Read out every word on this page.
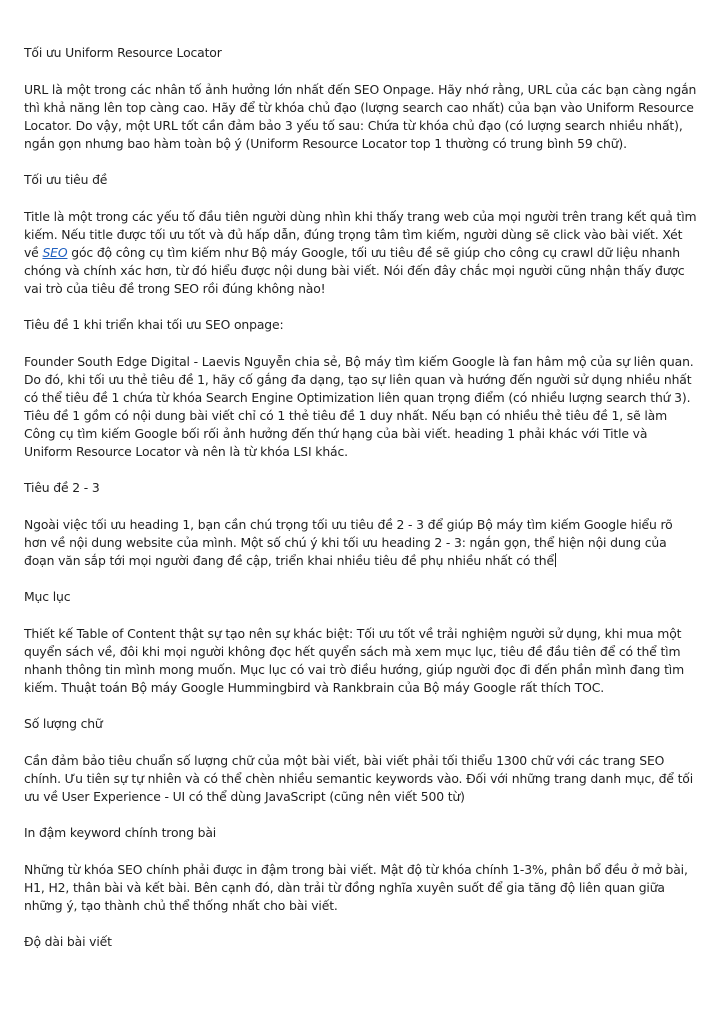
Tối ưu Uniform Resource Locator

URL là một trong các nhân tố ảnh hưởng lớn nhất đến SEO Onpage. Hãy nhớ rằng, URL của các bạn càng ngắn thì khả năng lên top càng cao. Hãy để từ khóa chủ đạo (lượng search cao nhất) của bạn vào Uniform Resource Locator. Do vậy, một URL tốt cần đảm bảo 3 yếu tố sau: Chứa từ khóa chủ đạo (có lượng search nhiều nhất), ngắn gọn nhưng bao hàm toàn bộ ý (Uniform Resource Locator top 1 thường có trung bình 59 chữ).

Tối ưu tiêu đề

Title là một trong các yếu tố đầu tiên người dùng nhìn khi thấy trang web của mọi người trên trang kết quả tìm kiếm. Nếu title được tối ưu tốt và đủ hấp dẫn, đúng trọng tâm tìm kiếm, người dùng sẽ click vào bài viết. Xét về SEO góc độ công cụ tìm kiếm như Bộ máy Google, tối ưu tiêu đề sẽ giúp cho công cụ crawl dữ liệu nhanh chóng và chính xác hơn, từ đó hiểu được nội dung bài viết. Nói đến đây chắc mọi người cũng nhận thấy được vai trò của tiêu đề trong SEO rồi đúng không nào!

Tiêu đề 1 khi triển khai tối ưu SEO onpage:

Founder South Edge Digital - Laevis Nguyễn chia sẻ, Bộ máy tìm kiếm Google là fan hâm mộ của sự liên quan. Do đó, khi tối ưu thẻ tiêu đề 1, hãy cố gắng đa dạng, tạo sự liên quan và hướng đến người sử dụng nhiều nhất có thể tiêu đề 1 chứa từ khóa Search Engine Optimization liên quan trọng điểm (có nhiều lượng search thứ 3). Tiêu đề 1 gồm có nội dung bài viết chỉ có 1 thẻ tiêu đề 1 duy nhất. Nếu bạn có nhiều thẻ tiêu đề 1, sẽ làm Công cụ tìm kiếm Google bối rối ảnh hưởng đến thứ hạng của bài viết. heading 1 phải khác với Title và Uniform Resource Locator và nên là từ khóa LSI khác.

Tiêu đề 2 - 3

Ngoài việc tối ưu heading 1, bạn cần chú trọng tối ưu tiêu đề 2 - 3 để giúp Bộ máy tìm kiếm Google hiểu rõ hơn về nội dung website của mình. Một số chú ý khi tối ưu heading 2 - 3: ngắn gọn, thể hiện nội dung của đoạn văn sắp tới mọi người đang đề cập, triển khai nhiều tiêu đề phụ nhiều nhất có thể

Mục lục

Thiết kế Table of Content thật sự tạo nên sự khác biệt: Tối ưu tốt về trải nghiệm người sử dụng, khi mua một quyển sách về, đôi khi mọi người không đọc hết quyển sách mà xem mục lục, tiêu đề đầu tiên để có thể tìm nhanh thông tin mình mong muốn. Mục lục có vai trò điều hướng, giúp người đọc đi đến phần mình đang tìm kiếm. Thuật toán Bộ máy Google Hummingbird và Rankbrain của Bộ máy Google rất thích TOC.

Số lượng chữ

Cần đảm bảo tiêu chuẩn số lượng chữ của một bài viết, bài viết phải tối thiểu 1300 chữ với các trang SEO chính. Ưu tiên sự tự nhiên và có thể chèn nhiều semantic keywords vào. Đối với những trang danh mục, để tối ưu về User Experience - UI có thể dùng JavaScript (cũng nên viết 500 từ)

In đậm keyword chính trong bài

Những từ khóa SEO chính phải được in đậm trong bài viết. Mật độ từ khóa chính 1-3%, phân bổ đều ở mở bài, H1, H2, thân bài và kết bài. Bên cạnh đó, dàn trải từ đồng nghĩa xuyên suốt để gia tăng độ liên quan giữa những ý, tạo thành chủ thể thống nhất cho bài viết.

Độ dài bài viết
